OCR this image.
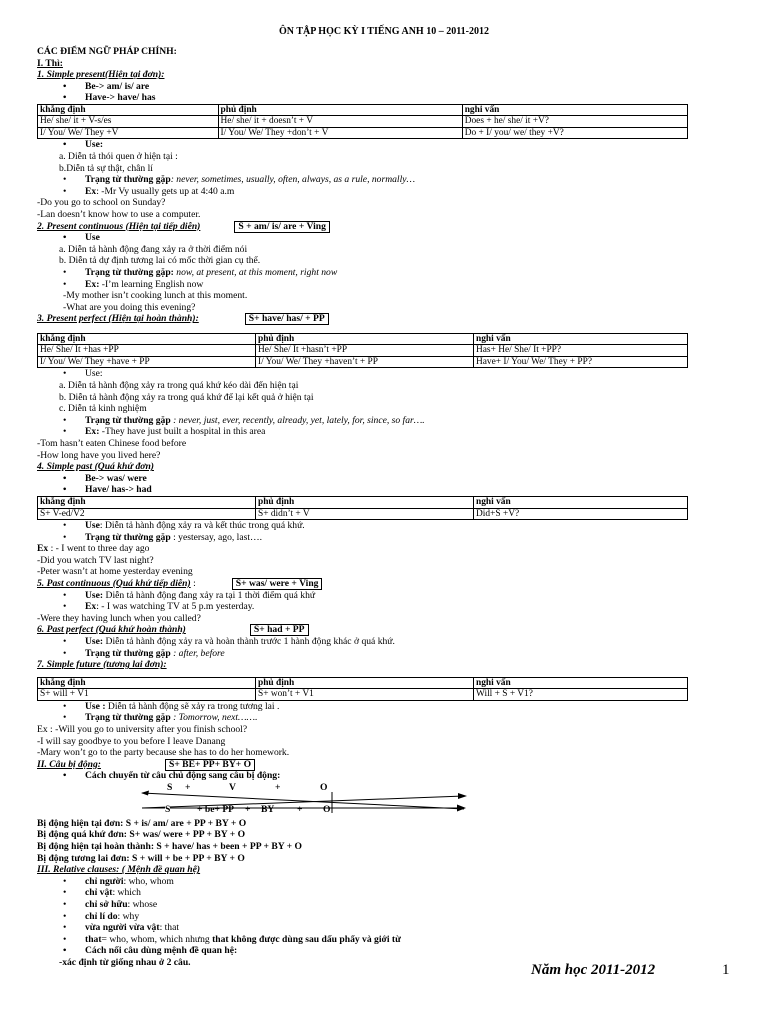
ÔN TẬP HỌC KỲ I TIẾNG ANH 10 – 2011-2012
CÁC ĐIỂM NGỮ PHÁP CHÍNH:
I. Thì:
1. Simple present(Hiện tại đơn):
• Be-> am/ is/ are
• Have-> have/ has
khẳng định	phủ định	nghi vấn
He/ she/ it + V-s/es	He/ she/ it + doesn’t + V	Does + he/ she/ it +V?
I/ You/ We/ They +V	I/ You/ We/ They +don’t + V	Do + I/ you/ we/ they +V?
• Use:
a. Diễn tả thói quen ở hiện tại :
b.Diễn tả sự thật, chân lí
• Trạng từ thường gặp: never, sometimes, usually, often, always, as a rule, normally…
• Ex: -Mr Vy usually gets up at 4:40 a.m
-Do you go to school on Sunday?
-Lan doesn’t know how to use a computer.
2. Present continuous (Hiện tại tiếp diễn)	S + am/ is/ are + Ving
• Use
a. Diễn tả hành động đang xảy ra ở thời điểm nói
b. Diễn tả dự định tương lai có mốc thời gian cụ thể.
• Trạng từ thường gặp: now, at present, at this moment, right now
• Ex: -I’m learning English now
-My mother isn’t cooking lunch at this moment.
-What are you doing this evening?
3. Present perfect (Hiện tại hoàn thành):	S+ have/ has/ + PP
khẳng định	phủ định	nghi vấn
He/ She/ It +has +PP	He/ She/ It +hasn’t +PP	Has+ He/ She/ It +PP?
I/ You/ We/ They +have + PP	I/ You/ We/ They +haven’t + PP	Have+ I/ You/ We/ They + PP?
• Use:
a. Diễn tả hành động xảy ra trong quá khứ kéo dài đến hiện tại
b. Diễn tả hành động xảy ra trong quá khứ để lại kết quả ở hiện tại
c. Diễn tả kinh nghiệm
• Trạng từ thường gặp : never, just, ever, recently, already, yet, lately, for, since, so far….
• Ex: -They have just built a hospital in this area
-Tom hasn’t eaten Chinese food before
-How long have you lived here?
4. Simple past (Quá khứ đơn)
• Be-> was/ were
• Have/ has-> had
khẳng định	phủ định	nghi vấn
S+ V-ed/V2	S+ didn’t + V	Did+S +V?
• Use: Diễn tả hành động xảy ra và kết thúc trong quá khứ.
• Trạng từ thường gặp : yestersay, ago, last….
Ex : - I went to three day ago
-Did you watch TV last night?
-Peter wasn’t at home yesterday evening
5. Past continuous (Quá khứ tiếp diễn) :	S+ was/ were + Ving
• Use: Diễn tả hành động đang xảy ra tại 1 thời điểm quá khứ
• Ex: - I was watching TV at 5 p.m yesterday.
-Were they having lunch when you called?
6. Past perfect (Quá khứ hoàn thành)	S+ had + PP
• Use: Diễn tả hành động xảy ra và hoàn thành trước 1 hành động khác ở quá khứ.
• Trạng từ thường gặp : after, before
7. Simple future (tương lai đơn):
khẳng định	phủ định	nghi vấn
S+ will + V1	S+ won’t + V1	Will + S + V1?
• Use : Diễn tả hành động sẽ xảy ra trong tương lai .
• Trạng từ thường gặp : Tomorrow, next…….
Ex : -Will you go to university after you finish school?
-I will say goodbye to you before I leave Danang
-Mary won’t go to the party because she has to do her homework.
II. Câu bị động:	S+ BE+ PP+ BY+ O
• Cách chuyển từ câu chủ động sang câu bị động:
S +	V	+	O
S	+ be+ PP + BY + O
Bị động hiện tại đơn: S + is/ am/ are + PP + BY + O
Bị động quá khứ đơn: S+ was/ were + PP + BY + O
Bị động hiện tại hoàn thành: S + have/ has + been + PP + BY + O
Bị động tương lai đơn: S + will + be + PP + BY + O
III. Relative clauses: ( Mệnh đề quan hệ)
• chỉ người: who, whom
• chỉ vật: which
• chỉ sở hữu: whose
• chỉ lí do: why
• vừa người vừa vật: that
• that= who, whom, which nhưng that không được dùng sau dấu phẩy và giới từ
• Cách nối câu dùng mệnh đề quan hệ:
-xác định từ giống nhau ở 2 câu.	Năm học 2011-2012	1
